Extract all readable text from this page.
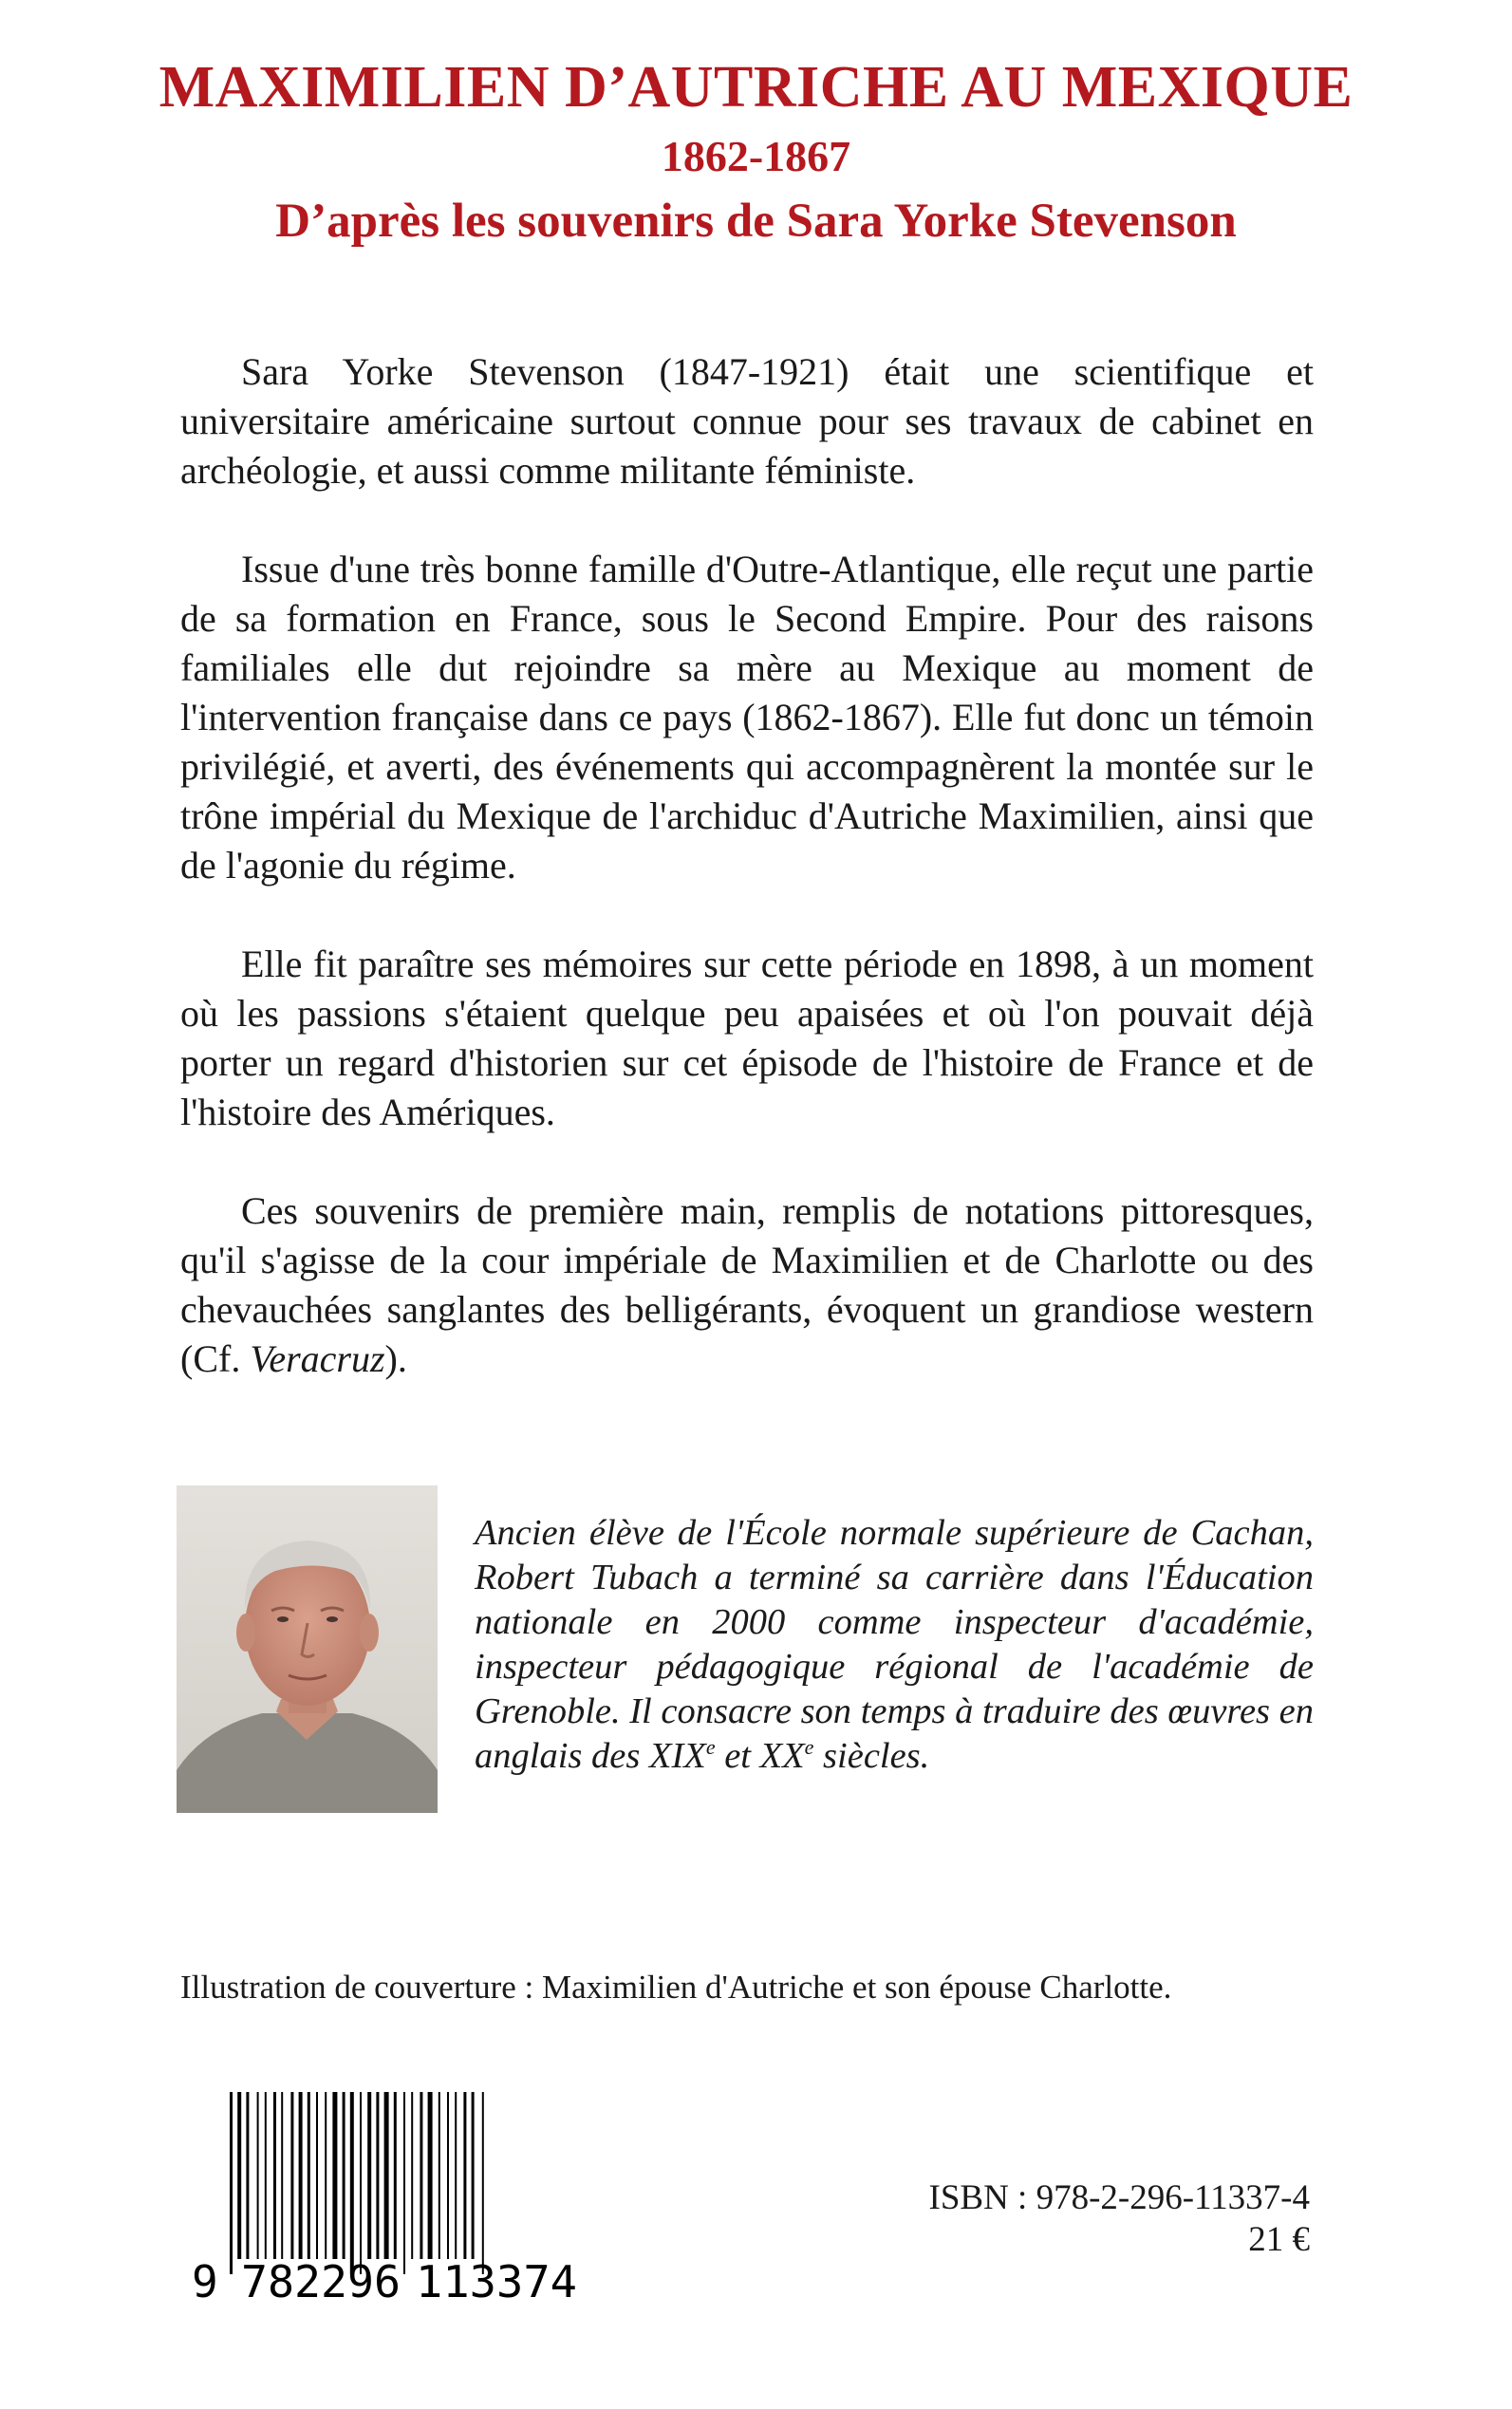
MAXIMILIEN D’AUTRICHE AU MEXIQUE
1862-1867
D’après les souvenirs de Sara Yorke Stevenson

Sara Yorke Stevenson (1847-1921) était une scientifique et universitaire américaine surtout connue pour ses travaux de cabinet en archéologie, et aussi comme militante féministe.

Issue d'une très bonne famille d'Outre-Atlantique, elle reçut une partie de sa formation en France, sous le Second Empire. Pour des raisons familiales elle dut rejoindre sa mère au Mexique au moment de l'intervention française dans ce pays (1862-1867). Elle fut donc un témoin privilégié, et averti, des événements qui accompagnèrent la montée sur le trône impérial du Mexique de l'archiduc d'Autriche Maximilien, ainsi que de l'agonie du régime.

Elle fit paraître ses mémoires sur cette période en 1898, à un moment où les passions s'étaient quelque peu apaisées et où l'on pouvait déjà porter un regard d'historien sur cet épisode de l'histoire de France et de l'histoire des Amériques.

Ces souvenirs de première main, remplis de notations pittoresques, qu'il s'agisse de la cour impériale de Maximilien et de Charlotte ou des chevauchées sanglantes des belligérants, évoquent un grandiose western (Cf. Veracruz).

Ancien élève de l'École normale supérieure de Cachan, Robert Tubach a terminé sa carrière dans l'Éducation nationale en 2000 comme inspecteur d'académie, inspecteur pédagogique régional de l'académie de Grenoble. Il consacre son temps à traduire des œuvres en anglais des XIXe et XXe siècles.
Illustration de couverture : Maximilien d'Autriche et son épouse Charlotte.
9 782296 113374
ISBN : 978-2-296-11337-4
21 €
